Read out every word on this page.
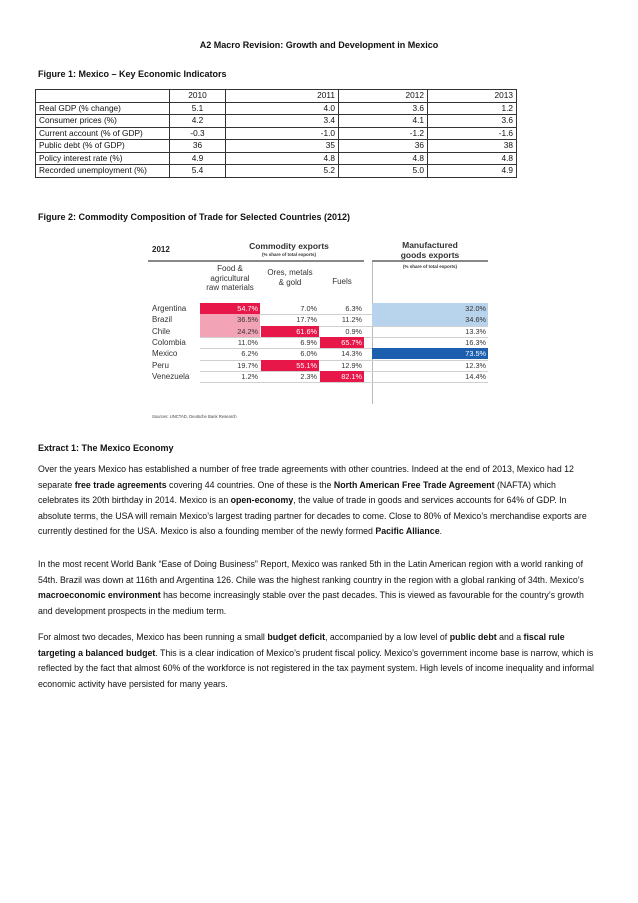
A2 Macro Revision: Growth and Development in Mexico
Figure 1: Mexico – Key Economic Indicators
	2010	2011	2012	2013
Real GDP (% change)	5.1	4.0	3.6	1.2
Consumer prices (%)	4.2	3.4	4.1	3.6
Current account (% of GDP)	-0.3	-1.0	-1.2	-1.6
Public debt (% of GDP)	36	35	36	38
Policy interest rate (%)	4.9	4.8	4.8	4.8
Recorded unemployment (%)	5.4	5.2	5.0	4.9
Figure 2: Commodity Composition of Trade for Selected Countries (2012)
2012	Commodity exports
(% share of total exports)
Manufactured
goods exports
(% share of total exports)
Food &
agricultural
raw materials
Ores, metals
& gold	Fuels
Argentina	54.7%	7.0%	6.3%	32.0%
Brazil	36.5%	17.7%	11.2%	34.6%
Chile	24.2%	61.6%	0.9%	13.3%
Colombia	11.0%	6.9%	65.7%	16.3%
Mexico	6.2%	6.0%	14.3%	73.5%
Peru	19.7%	55.1%	12.9%	12.3%
Venezuela	1.2%	2.3%	82.1%	14.4%
Sources: UNCTAD, Deutsche Bank Research
Extract 1: The Mexico Economy

Over the years Mexico has established a number of free trade agreements with other countries. Indeed at the end of 2013, Mexico had 12 separate free trade agreements covering 44 countries. One of these is the North American Free Trade Agreement (NAFTA) which celebrates its 20th birthday in 2014. Mexico is an open-economy, the value of trade in goods and services accounts for 64% of GDP. In absolute terms, the USA will remain Mexico’s largest trading partner for decades to come. Close to 80% of Mexico’s merchandise exports are currently destined for the USA. Mexico is also a founding member of the newly formed Pacific Alliance.

In the most recent World Bank “Ease of Doing Business” Report, Mexico was ranked 5th in the Latin American region with a world ranking of 54th. Brazil was down at 116th and Argentina 126. Chile was the highest ranking country in the region with a global ranking of 34th. Mexico’s macroeconomic environment has become increasingly stable over the past decades. This is viewed as favourable for the country’s growth and development prospects in the medium term.

For almost two decades, Mexico has been running a small budget deficit, accompanied by a low level of public debt and a fiscal rule targeting a balanced budget. This is a clear indication of Mexico’s prudent fiscal policy. Mexico’s government income base is narrow, which is reflected by the fact that almost 60% of the workforce is not registered in the tax payment system. High levels of income inequality and informal economic activity have persisted for many years.
